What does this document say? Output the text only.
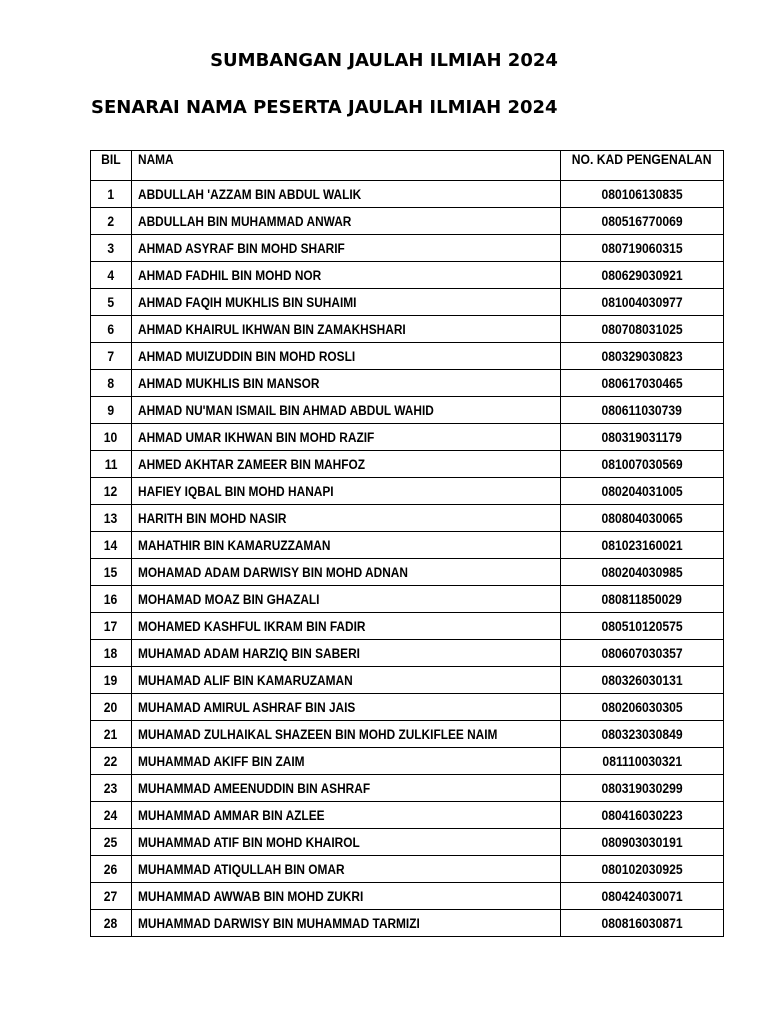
SUMBANGAN JAULAH ILMIAH 2024
SENARAI NAMA PESERTA JAULAH ILMIAH 2024
BIL	NAMA	NO. KAD PENGENALAN
1	ABDULLAH 'AZZAM BIN ABDUL WALIK	080106130835
2	ABDULLAH BIN MUHAMMAD ANWAR	080516770069
3	AHMAD ASYRAF BIN MOHD SHARIF	080719060315
4	AHMAD FADHIL BIN MOHD NOR	080629030921
5	AHMAD FAQIH MUKHLIS BIN SUHAIMI	081004030977
6	AHMAD KHAIRUL IKHWAN BIN ZAMAKHSHARI	080708031025
7	AHMAD MUIZUDDIN BIN MOHD ROSLI	080329030823
8	AHMAD MUKHLIS BIN MANSOR	080617030465
9	AHMAD NU'MAN ISMAIL BIN AHMAD ABDUL WAHID	080611030739
10	AHMAD UMAR IKHWAN BIN MOHD RAZIF	080319031179
11	AHMED AKHTAR ZAMEER BIN MAHFOZ	081007030569
12	HAFIEY IQBAL BIN MOHD HANAPI	080204031005
13	HARITH BIN MOHD NASIR	080804030065
14	MAHATHIR BIN KAMARUZZAMAN	081023160021
15	MOHAMAD ADAM DARWISY BIN MOHD ADNAN	080204030985
16	MOHAMAD MOAZ BIN GHAZALI	080811850029
17	MOHAMED KASHFUL IKRAM BIN FADIR	080510120575
18	MUHAMAD ADAM HARZIQ BIN SABERI	080607030357
19	MUHAMAD ALIF BIN KAMARUZAMAN	080326030131
20	MUHAMAD AMIRUL ASHRAF BIN JAIS	080206030305
21	MUHAMAD ZULHAIKAL SHAZEEN BIN MOHD ZULKIFLEE NAIM	080323030849
22	MUHAMMAD AKIFF BIN ZAIM	081110030321
23	MUHAMMAD AMEENUDDIN BIN ASHRAF	080319030299
24	MUHAMMAD AMMAR BIN AZLEE	080416030223
25	MUHAMMAD ATIF BIN MOHD KHAIROL	080903030191
26	MUHAMMAD ATIQULLAH BIN OMAR	080102030925
27	MUHAMMAD AWWAB BIN MOHD ZUKRI	080424030071
28	MUHAMMAD DARWISY BIN MUHAMMAD TARMIZI	080816030871
